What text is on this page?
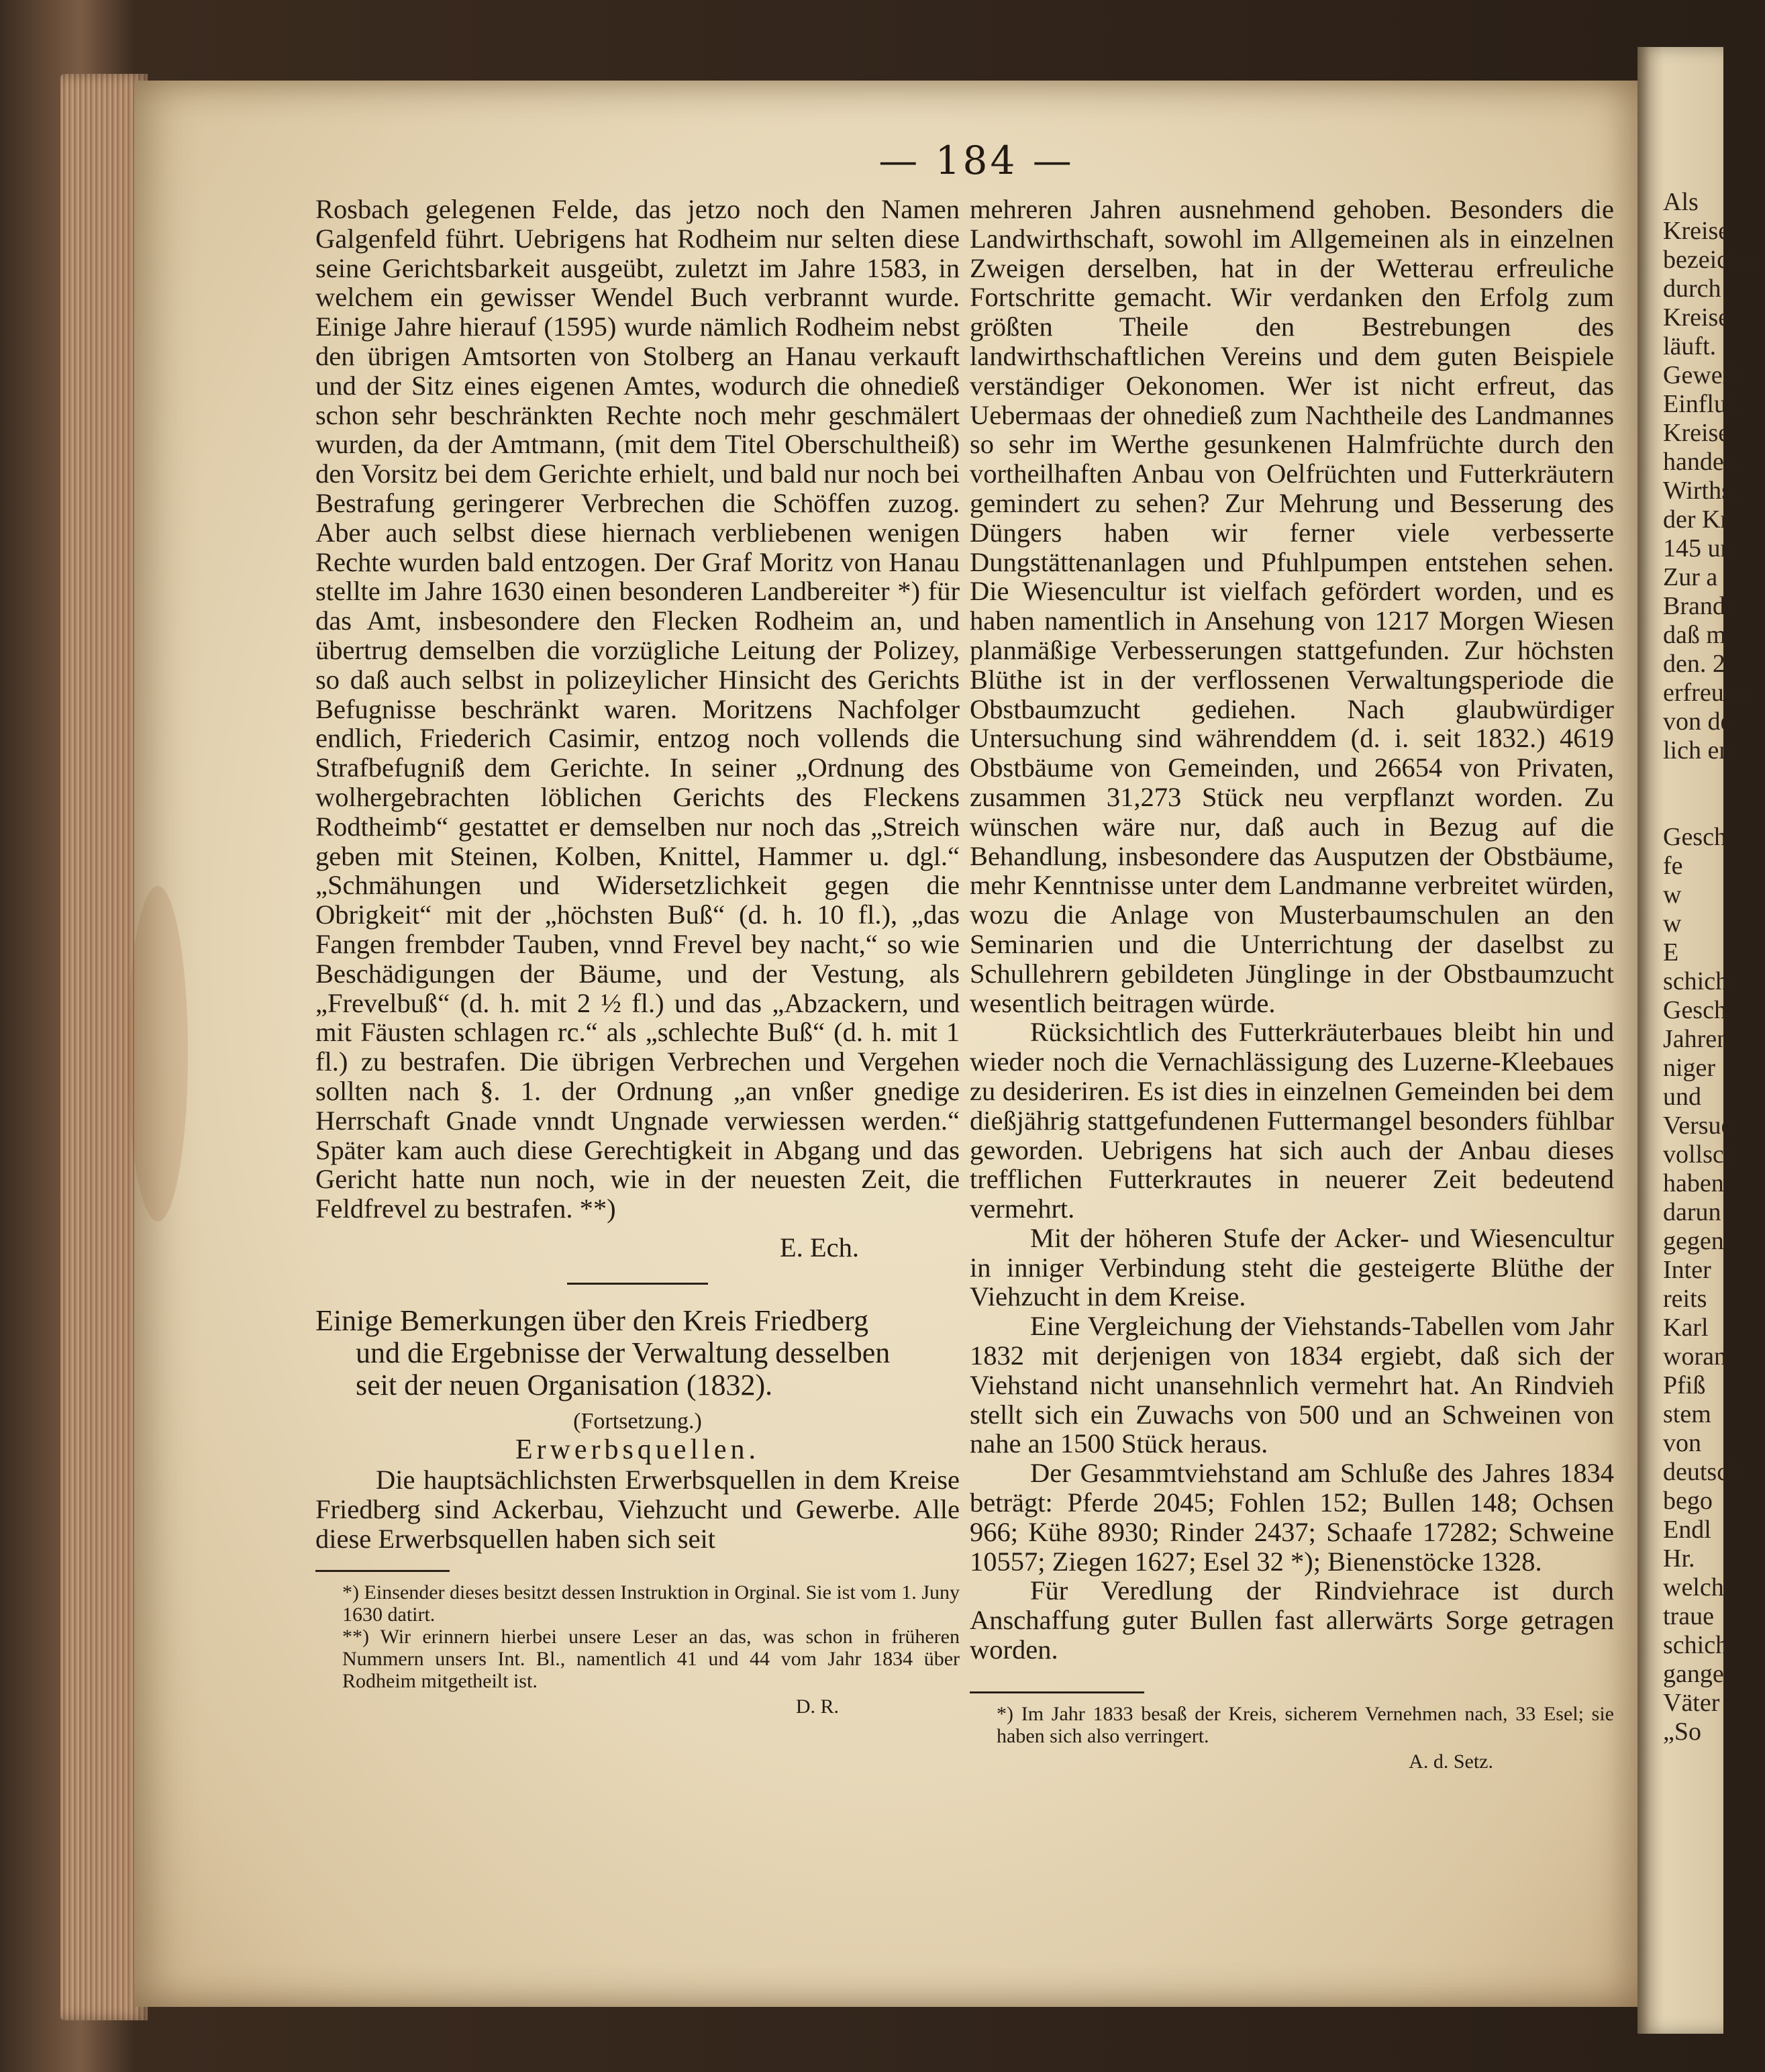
Als
Kreise
bezeichne
durch
Kreise
läuft.
Gewerb
Einfluß
Kreise
handen.
Wirthsc
der Kr
145 un
Zur a
Brandv
daß m
den. 2
erfreuen
von de
lich en

Gesch
fe
w
w
E
schicht
Gesch
Jahren
niger
und
Versuc
vollsch
haben
darun
gegen
Inter
reits
Karl
woran
Pfiß
stem
von
deutsch
bego
Endl
Hr.
welch
traue
schich
gange
Väter
„So
— 184 —

Rosbach gelegenen Felde, das jetzo noch den Namen Galgenfeld führt. Uebrigens hat Rodheim nur selten diese seine Gerichtsbarkeit ausgeübt, zuletzt im Jahre 1583, in welchem ein gewisser Wendel Buch verbrannt wurde. Einige Jahre hierauf (1595) wurde nämlich Rodheim nebst den übrigen Amtsorten von Stolberg an Hanau verkauft und der Sitz eines eigenen Amtes, wodurch die ohnedieß schon sehr beschränkten Rechte noch mehr geschmälert wurden, da der Amtmann, (mit dem Titel Oberschultheiß) den Vorsitz bei dem Gerichte erhielt, und bald nur noch bei Bestrafung geringerer Verbrechen die Schöffen zuzog. Aber auch selbst diese hiernach verbliebenen wenigen Rechte wurden bald entzogen. Der Graf Moritz von Hanau stellte im Jahre 1630 einen besonderen Landbereiter *) für das Amt, insbesondere den Flecken Rodheim an, und übertrug demselben die vorzügliche Leitung der Polizey, so daß auch selbst in polizeylicher Hinsicht des Gerichts Befugnisse beschränkt waren. Moritzens Nachfolger endlich, Friederich Casimir, entzog noch vollends die Strafbefugniß dem Gerichte. In seiner „Ordnung des wolhergebrachten löblichen Gerichts des Fleckens Rodtheimb“ gestattet er demselben nur noch das „Streich geben mit Steinen, Kolben, Knittel, Hammer u. dgl.“ „Schmähungen und Widersetzlichkeit gegen die Obrigkeit“ mit der „höchsten Buß“ (d. h. 10 fl.), „das Fangen frembder Tauben, vnnd Frevel bey nacht,“ so wie Beschädigungen der Bäume, und der Vestung, als „Frevelbuß“ (d. h. mit 2 ½ fl.) und das „Abzackern, und mit Fäusten schlagen rc.“ als „schlechte Buß“ (d. h. mit 1 fl.) zu bestrafen. Die übrigen Verbrechen und Vergehen sollten nach §. 1. der Ordnung „an vnßer gnedige Herrschaft Gnade vnndt Ungnade verwiessen werden.“ Später kam auch diese Gerechtigkeit in Abgang und das Gericht hatte nun noch, wie in der neuesten Zeit, die Feldfrevel zu bestrafen. **)

E. Ech.

Einige Bemerkungen über den Kreis Friedberg

und die Ergebnisse der Verwaltung desselben

seit der neuen Organisation (1832).

(Fortsetzung.)

Erwerbsquellen.

Die hauptsächlichsten Erwerbsquellen in dem Kreise Friedberg sind Ackerbau, Viehzucht und Gewerbe. Alle diese Erwerbsquellen haben sich seit

*) Einsender dieses besitzt dessen Instruktion in Orginal. Sie ist vom 1. Juny 1630 datirt.

**) Wir erinnern hierbei unsere Leser an das, was schon in früheren Nummern unsers Int. Bl., namentlich 41 und 44 vom Jahr 1834 über Rodheim mitgetheilt ist.

D. R.

mehreren Jahren ausnehmend gehoben. Besonders die Landwirthschaft, sowohl im Allgemeinen als in einzelnen Zweigen derselben, hat in der Wetterau erfreuliche Fortschritte gemacht. Wir verdanken den Erfolg zum größten Theile den Bestrebungen des landwirthschaftlichen Vereins und dem guten Beispiele verständiger Oekonomen. Wer ist nicht erfreut, das Uebermaas der ohnedieß zum Nachtheile des Landmannes so sehr im Werthe gesunkenen Halmfrüchte durch den vortheilhaften Anbau von Oelfrüchten und Futterkräutern gemindert zu sehen? Zur Mehrung und Besserung des Düngers haben wir ferner viele verbesserte Dungstättenanlagen und Pfuhlpumpen entstehen sehen. Die Wiesencultur ist vielfach gefördert worden, und es haben namentlich in Ansehung von 1217 Morgen Wiesen planmäßige Verbesserungen stattgefunden. Zur höchsten Blüthe ist in der verflossenen Verwaltungsperiode die Obstbaumzucht gediehen. Nach glaubwürdiger Untersuchung sind währenddem (d. i. seit 1832.) 4619 Obstbäume von Gemeinden, und 26654 von Privaten, zusammen 31,273 Stück neu verpflanzt worden. Zu wünschen wäre nur, daß auch in Bezug auf die Behandlung, insbesondere das Ausputzen der Obstbäume, mehr Kenntnisse unter dem Landmanne verbreitet würden, wozu die Anlage von Musterbaumschulen an den Seminarien und die Unterrichtung der daselbst zu Schullehrern gebildeten Jünglinge in der Obstbaumzucht wesentlich beitragen würde.

Rücksichtlich des Futterkräuterbaues bleibt hin und wieder noch die Vernachlässigung des Luzerne-Kleebaues zu desideriren. Es ist dies in einzelnen Gemeinden bei dem dießjährig stattgefundenen Futtermangel besonders fühlbar geworden. Uebrigens hat sich auch der Anbau dieses trefflichen Futterkrautes in neuerer Zeit bedeutend vermehrt.

Mit der höheren Stufe der Acker- und Wiesencultur in inniger Verbindung steht die gesteigerte Blüthe der Viehzucht in dem Kreise.

Eine Vergleichung der Viehstands-Tabellen vom Jahr 1832 mit derjenigen von 1834 ergiebt, daß sich der Viehstand nicht unansehnlich vermehrt hat. An Rindvieh stellt sich ein Zuwachs von 500 und an Schweinen von nahe an 1500 Stück heraus.

Der Gesammtviehstand am Schluße des Jahres 1834 beträgt: Pferde 2045; Fohlen 152; Bullen 148; Ochsen 966; Kühe 8930; Rinder 2437; Schaafe 17282; Schweine 10557; Ziegen 1627; Esel 32 *); Bienenstöcke 1328.

Für Veredlung der Rindviehrace ist durch Anschaffung guter Bullen fast allerwärts Sorge getragen worden.

*) Im Jahr 1833 besaß der Kreis, sicherem Vernehmen nach, 33 Esel; sie haben sich also verringert.

A. d. Setz.
